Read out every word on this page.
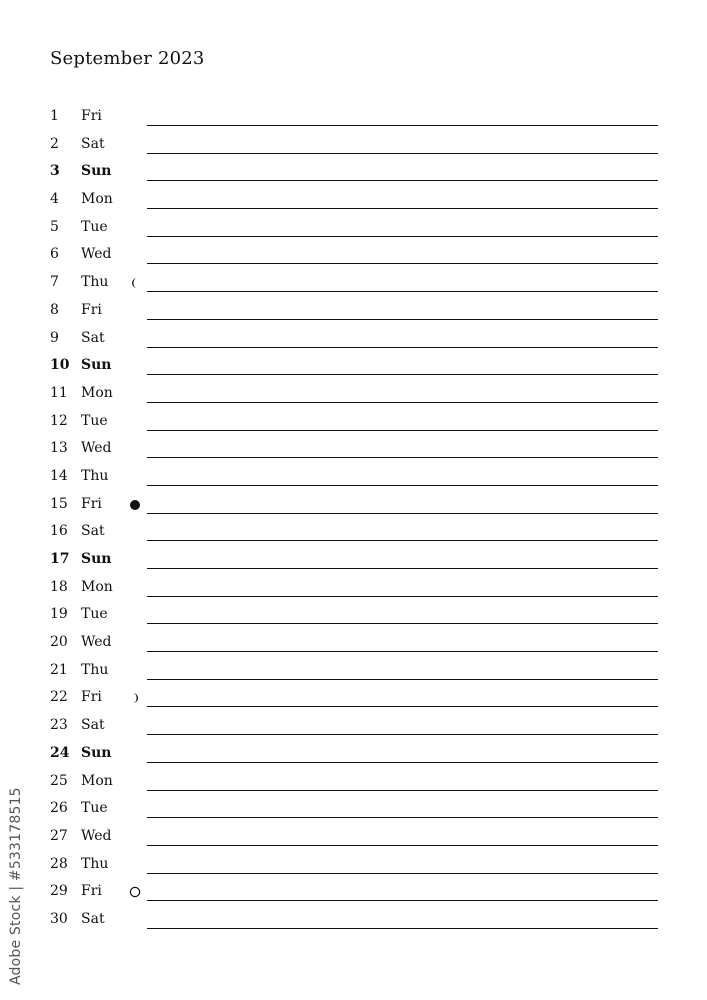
September 2023
1	Fri
2	Sat
3	Sun
4	Mon
5	Tue
6	Wed
7	Thu
8	Fri
9	Sat
10 Sun
11 Mon
12 Tue
13 Wed
14 Thu
15 Fri
16 Sat
17 Sun
18 Mon
19 Tue
20 Wed
21 Thu
22 Fri
23 Sat
24 Sun
25 Mon
26 Tue
27 Wed
28 Thu
29 Fri
30 Sat
Adobe Stock | #533178515
